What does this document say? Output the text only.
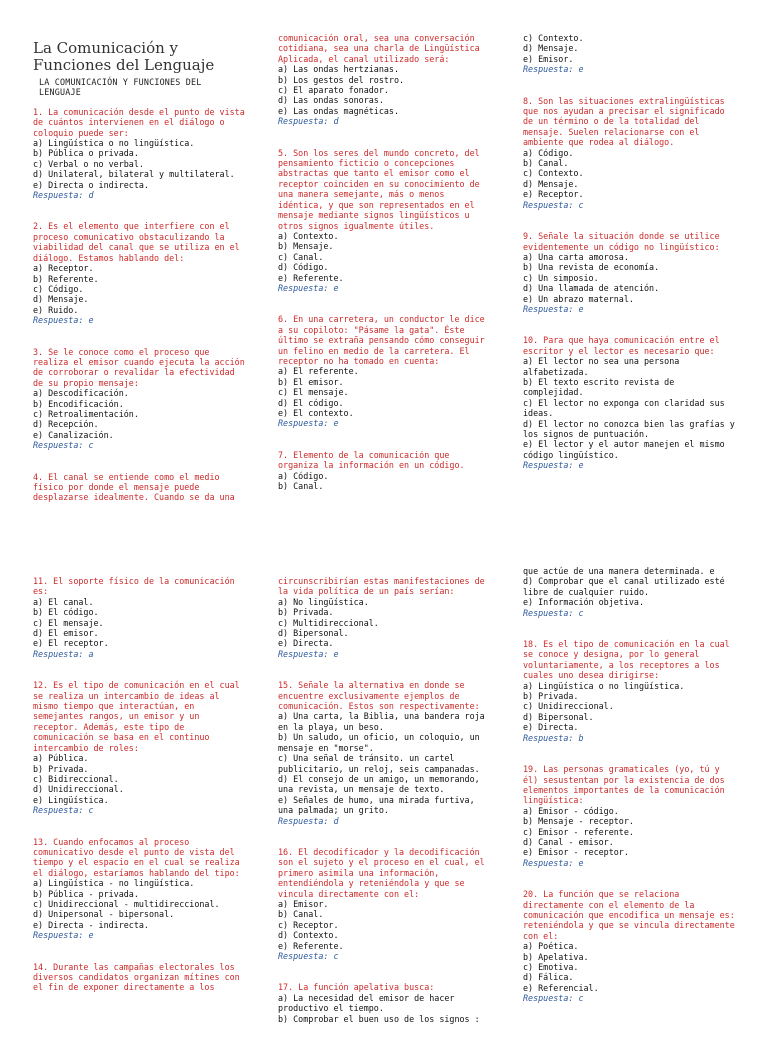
La Comunicación y Funciones del Lenguaje
LA COMUNICACIÓN Y FUNCIONES DEL LENGUAJE
1. La comunicación desde el punto de vista de cuántos intervienen en el diálogo o coloquio puede ser:
a) Lingüística o no lingüística.
b) Pública o privada.
c) Verbal o no verbal.
d) Unilateral, bilateral y multilateral.
e) Directa o indirecta.
Respuesta: d
2. Es el elemento que interfiere con el proceso comunicativo obstaculizando la viabilidad del canal que se utiliza en el diálogo. Estamos hablando del:
a) Receptor.
b) Referente.
c) Código.
d) Mensaje.
e) Ruido.
Respuesta: e
3. Se le conoce como el proceso que realiza el emisor cuando ejecuta la acción de corroborar o revalidar la efectividad de su propio mensaje:
a) Descodificación.
b) Encodificación.
c) Retroalimentación.
d) Recepción.
e) Canalización.
Respuesta: c
4. El canal se entiende como el medio físico por donde el mensaje puede desplazarse idealmente. Cuando se da una
comunicación oral, sea una conversación cotidiana, sea una charla de Lingüística Aplicada, el canal utilizado será:
a) Las ondas hertzianas.
b) Los gestos del rostro.
c) El aparato fonador.
d) Las ondas sonoras.
e) Las ondas magnéticas.
Respuesta: d
5. Son los seres del mundo concreto, del pensamiento ficticio o concepciones abstractas que tanto el emisor como el receptor coinciden en su conocimiento de una manera semejante, más o menos idéntica, y que son representados en el mensaje mediante signos lingüísticos u otros signos igualmente útiles.
a) Contexto.
b) Mensaje.
c) Canal.
d) Código.
e) Referente.
Respuesta: e
6. En una carretera, un conductor le dice a su copiloto: "Pásame la gata". Éste último se extraña pensando cómo conseguir un felino en medio de la carretera. El receptor no ha tomado en cuenta:
a) El referente.
b) El emisor.
c) El mensaje.
d) El código.
e) El contexto.
Respuesta: e
7. Elemento de la comunicación que organiza la información en un código.
a) Código.
b) Canal.
c) Contexto.
d) Mensaje.
e) Emisor.
Respuesta: e
8. Son las situaciones extralingüísticas que nos ayudan a precisar el significado de un término o de la totalidad del mensaje. Suelen relacionarse con el ambiente que rodea al diálogo.
a) Código.
b) Canal.
c) Contexto.
d) Mensaje.
e) Receptor.
Respuesta: c
9. Señale la situación donde se utilice evidentemente un código no lingüístico:
a) Una carta amorosa.
b) Una revista de economía.
c) Un simposio.
d) Una llamada de atención.
e) Un abrazo maternal.
Respuesta: e
10. Para que haya comunicación entre el escritor y el lector es necesario que:
a) El lector no sea una persona alfabetizada.
b) El texto escrito revista de complejidad.
c) El lector no exponga con claridad sus ideas.
d) El lector no conozca bien las grafías y los signos de puntuación.
e) El lector y el autor manejen el mismo código lingüístico.
Respuesta: e
11. El soporte físico de la comunicación es:
a) El canal.
b) El código.
c) El mensaje.
d) El emisor.
e) El receptor.
Respuesta: a
12. Es el tipo de comunicación en el cual se realiza un intercambio de ideas al mismo tiempo que interactúan, en semejantes rangos, un emisor y un receptor. Además, este tipo de comunicación se basa en el continuo intercambio de roles:
a) Pública.
b) Privada.
c) Bidireccional.
d) Unidireccional.
e) Lingüística.
Respuesta: c
13. Cuando enfocamos al proceso comunicativo desde el punto de vista del tiempo y el espacio en el cual se realiza el diálogo, estaríamos hablando del tipo:
a) Lingüística - no lingüística.
b) Pública - privada.
c) Unidireccional - multidireccional.
d) Unipersonal - bipersonal.
e) Directa - indirecta.
Respuesta: e
14. Durante las campañas electorales los diversos candidatos organizan mítines con el fin de exponer directamente a los
circunscribirían estas manifestaciones de la vida política de un país serían:
a) No lingüística.
b) Privada.
c) Multidireccional.
d) Bipersonal.
e) Directa.
Respuesta: e
15. Señale la alternativa en donde se encuentre exclusivamente ejemplos de comunicación. Estos son respectivamente:
a) Una carta, la Biblia, una bandera roja en la playa, un beso.
b) Un saludo, un oficio, un coloquio, un mensaje en "morse".
c) Una señal de tránsito. un cartel publicitario, un reloj, seis campanadas.
d) El consejo de un amigo, un memorando, una revista, un mensaje de texto.
e) Señales de humo, una mirada furtiva, una palmada; un grito.
Respuesta: d
16. El decodificador y la decodificación son el sujeto y el proceso en el cual, el primero asimila una información, entendiéndola y reteniéndola y que se vincula directamente con el:
a) Emisor.
b) Canal.
c) Receptor.
d) Contexto.
e) Referente.
Respuesta: c
17. La función apelativa busca:
a) La necesidad del emisor de hacer productivo el tiempo.
b) Comprobar el buen uso de los signos :
que actúe de una manera determinada. e
d) Comprobar que el canal utilizado esté libre de cualquier ruido.
e) Información objetiva.
Respuesta: c
18. Es el tipo de comunicación en la cual se conoce y designa, por lo general voluntariamente, a los receptores a los cuales uno desea dirigirse:
a) Lingüística o no lingüística.
b) Privada.
c) Unidireccional.
d) Bipersonal.
e) Directa.
Respuesta: b
19. Las personas gramaticales (yo, tú y él) sesustentan por la existencia de dos elementos importantes de la comunicación lingüística:
a) Emisor - código.
b) Mensaje - receptor.
c) Emisor - referente.
d) Canal - emisor.
e) Emisor - receptor.
Respuesta: e
20. La función que se relaciona directamente con el elemento de la comunicación que encodifica un mensaje es: reteniéndola y que se vincula directamente con el:
a) Poética.
b) Apelativa.
c) Emotiva.
d) Fálica.
e) Referencial.
Respuesta: c
